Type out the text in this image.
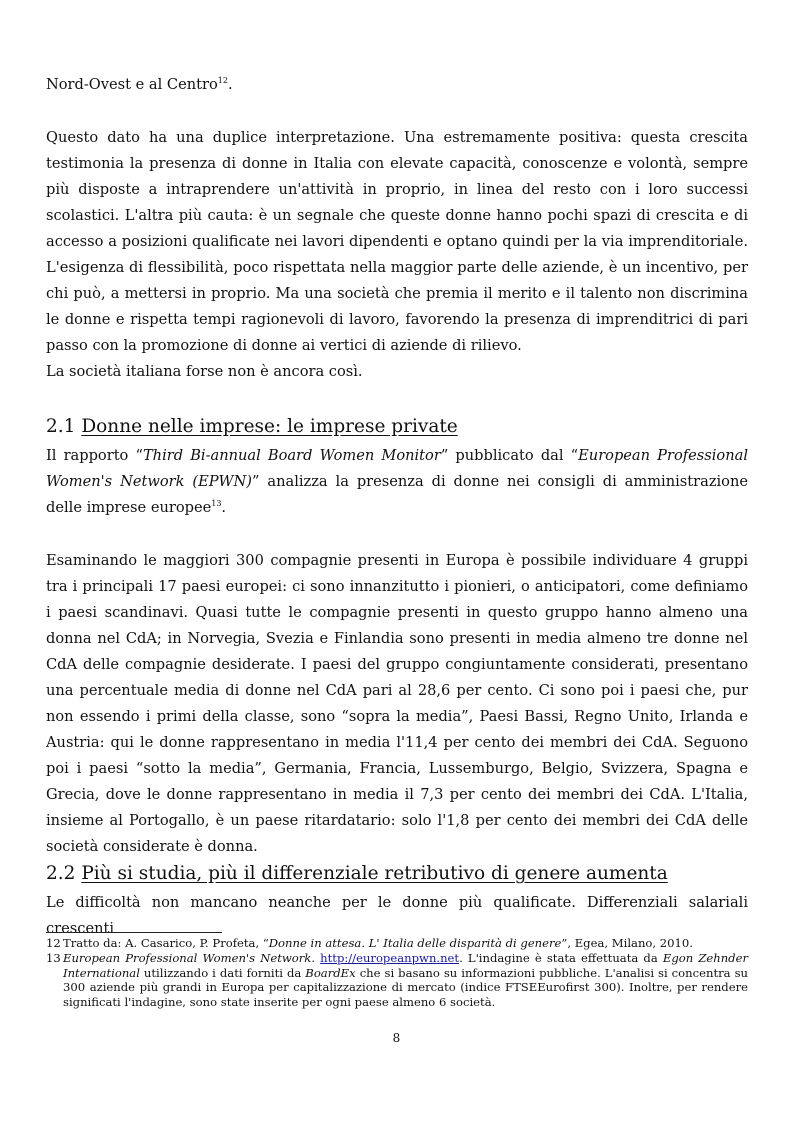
Nord-Ovest e al Centro$^{12}$.

Questo dato ha una duplice interpretazione. Una estremamente positiva: questa crescita testimonia la presenza di donne in Italia con elevate capacità, conoscenze e volontà, sempre più disposte a intraprendere un'attività in proprio, in linea del resto con i loro successi scolastici. L'altra più cauta: è un segnale che queste donne hanno pochi spazi di crescita e di accesso a posizioni qualificate nei lavori dipendenti e optano quindi per la via imprenditoriale. L'esigenza di flessibilità, poco rispettata nella maggior parte delle aziende, è un incentivo, per chi può, a mettersi in proprio. Ma una società che premia il merito e il talento non discrimina le donne e rispetta tempi ragionevoli di lavoro, favorendo la presenza di imprenditrici di pari passo con la promozione di donne ai vertici di aziende di rilievo.

La società italiana forse non è ancora così.

2.1 Donne nelle imprese: le imprese private

Il rapporto “Third Bi-annual Board Women Monitor” pubblicato dal “European Professional Women's Network (EPWN)” analizza la presenza di donne nei consigli di amministrazione delle imprese europee$^{13}$.

Esaminando le maggiori 300 compagnie presenti in Europa è possibile individuare 4 gruppi tra i principali 17 paesi europei: ci sono innanzitutto i pionieri, o anticipatori, come definiamo i paesi scandinavi. Quasi tutte le compagnie presenti in questo gruppo hanno almeno una donna nel CdA; in Norvegia, Svezia e Finlandia sono presenti in media almeno tre donne nel CdA delle compagnie desiderate. I paesi del gruppo congiuntamente considerati, presentano una percentuale media di donne nel CdA pari al 28,6 per cento. Ci sono poi i paesi che, pur non essendo i primi della classe, sono “sopra la media”, Paesi Bassi, Regno Unito, Irlanda e Austria: qui le donne rappresentano in media l'11,4 per cento dei membri dei CdA. Seguono poi i paesi “sotto la media”, Germania, Francia, Lussemburgo, Belgio, Svizzera, Spagna e Grecia, dove le donne rappresentano in media il 7,3 per cento dei membri dei CdA. L'Italia, insieme al Portogallo, è un paese ritardatario: solo l'1,8 per cento dei membri dei CdA delle società considerate è donna.

2.2 Più si studia, più il differenziale retributivo di genere aumenta

Le difficoltà non mancano neanche per le donne più qualificate. Differenziali salariali crescenti

12 Tratto da: A. Casarico, P. Profeta, “Donne in attesa. L' Italia delle disparità di genere”, Egea, Milano, 2010.

13 European Professional Women's Network. http://europeanpwn.net. L'indagine è stata effettuata da Egon Zehnder International utilizzando i dati forniti da BoardEx che si basano su informazioni pubbliche. L'analisi si concentra su 300 aziende più grandi in Europa per capitalizzazione di mercato (indice FTSEEurofirst 300). Inoltre, per rendere significati l'indagine, sono state inserite per ogni paese almeno 6 società.

8
